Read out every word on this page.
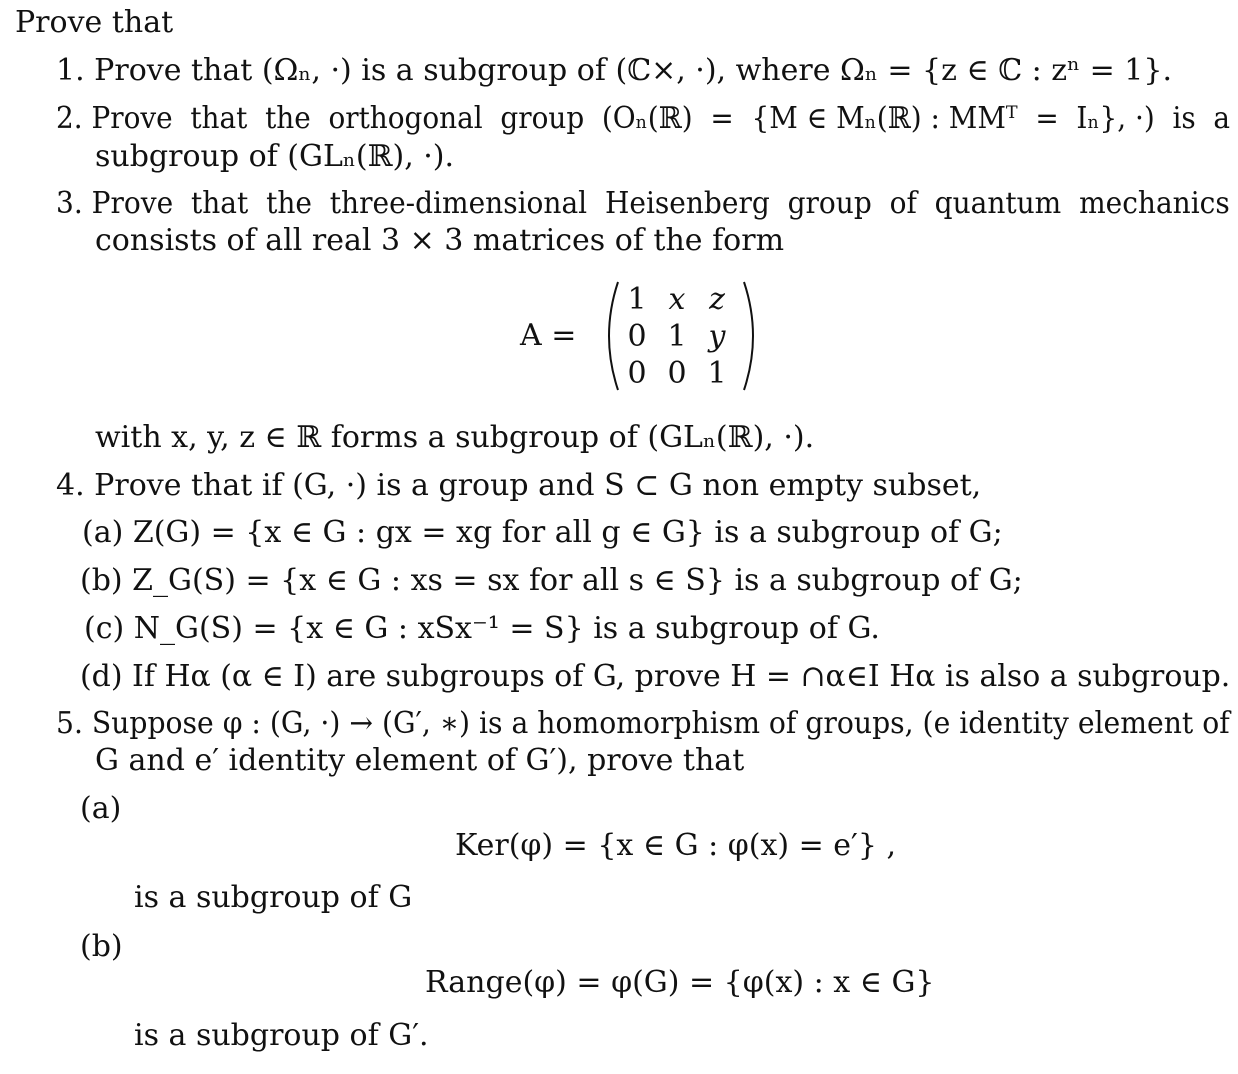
Prove that
1. Prove that (Ωₙ, ·) is a subgroup of (ℂ×, ·), where Ωₙ = {z ∈ ℂ : zⁿ = 1}.
2. Prove  that  the  orthogonal  group  (Oₙ(ℝ)  =  {M ∈ Mₙ(ℝ) : MMᵀ  =  Iₙ}, ·)  is  a
subgroup of (GLₙ(ℝ), ·).
3. Prove  that  the  three-dimensional  Heisenberg  group  of  quantum  mechanics
consists of all real 3 × 3 matrices of the form
A =
1 x z
0 1 y
0 0 1
with x, y, z ∈ ℝ forms a subgroup of (GLₙ(ℝ), ·).
4. Prove that if (G, ·) is a group and S ⊂ G non empty subset,
(a) Z(G) = {x ∈ G : gx = xg for all g ∈ G} is a subgroup of G;
(b) Z_G(S) = {x ∈ G : xs = sx for all s ∈ S} is a subgroup of G;
(c) N_G(S) = {x ∈ G : xSx⁻¹ = S} is a subgroup of G.
(d) If Hα (α ∈ I) are subgroups of G, prove H = ∩α∈I Hα is also a subgroup.
5. Suppose φ : (G, ·) → (G′, ∗) is a homomorphism of groups, (e identity element of
G and e′ identity element of G′), prove that
(a)
Ker(φ) = {x ∈ G : φ(x) = e′} ,
is a subgroup of G
(b)
Range(φ) = φ(G) = {φ(x) : x ∈ G}
is a subgroup of G′.
